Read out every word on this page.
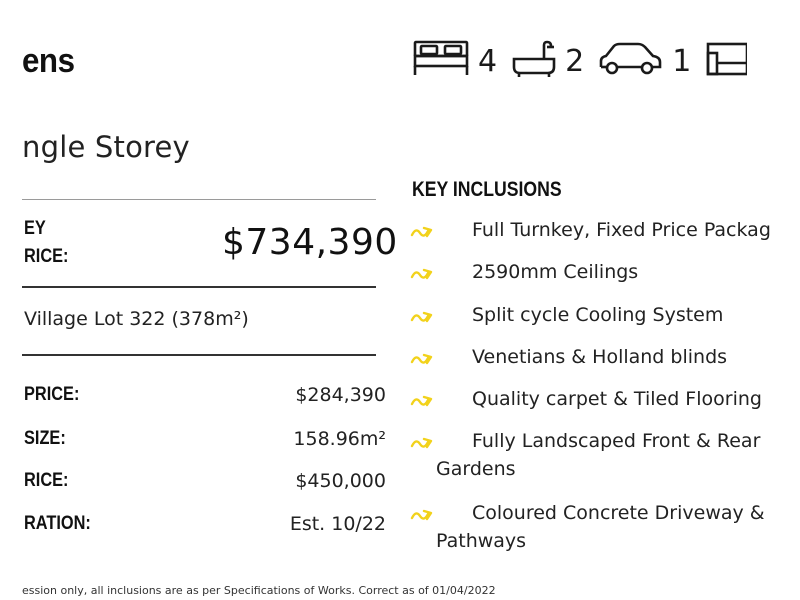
ens
ngle Storey
4 2	1
EY
RICE:	$734,390
Village Lot 322 (378m²)
PRICE:	$284,390
SIZE:	158.96m²
RICE:	$450,000
RATION:	Est. 10/22
KEY INCLUSIONS
Full Turnkey, Fixed Price Packag
2590mm Ceilings
Split cycle Cooling System
Venetians & Holland blinds
Quality carpet & Tiled Flooring
Fully Landscaped Front & Rear
Gardens
Coloured Concrete Driveway &
Pathways
ession only, all inclusions are as per Specifications of Works. Correct as of 01/04/2022
